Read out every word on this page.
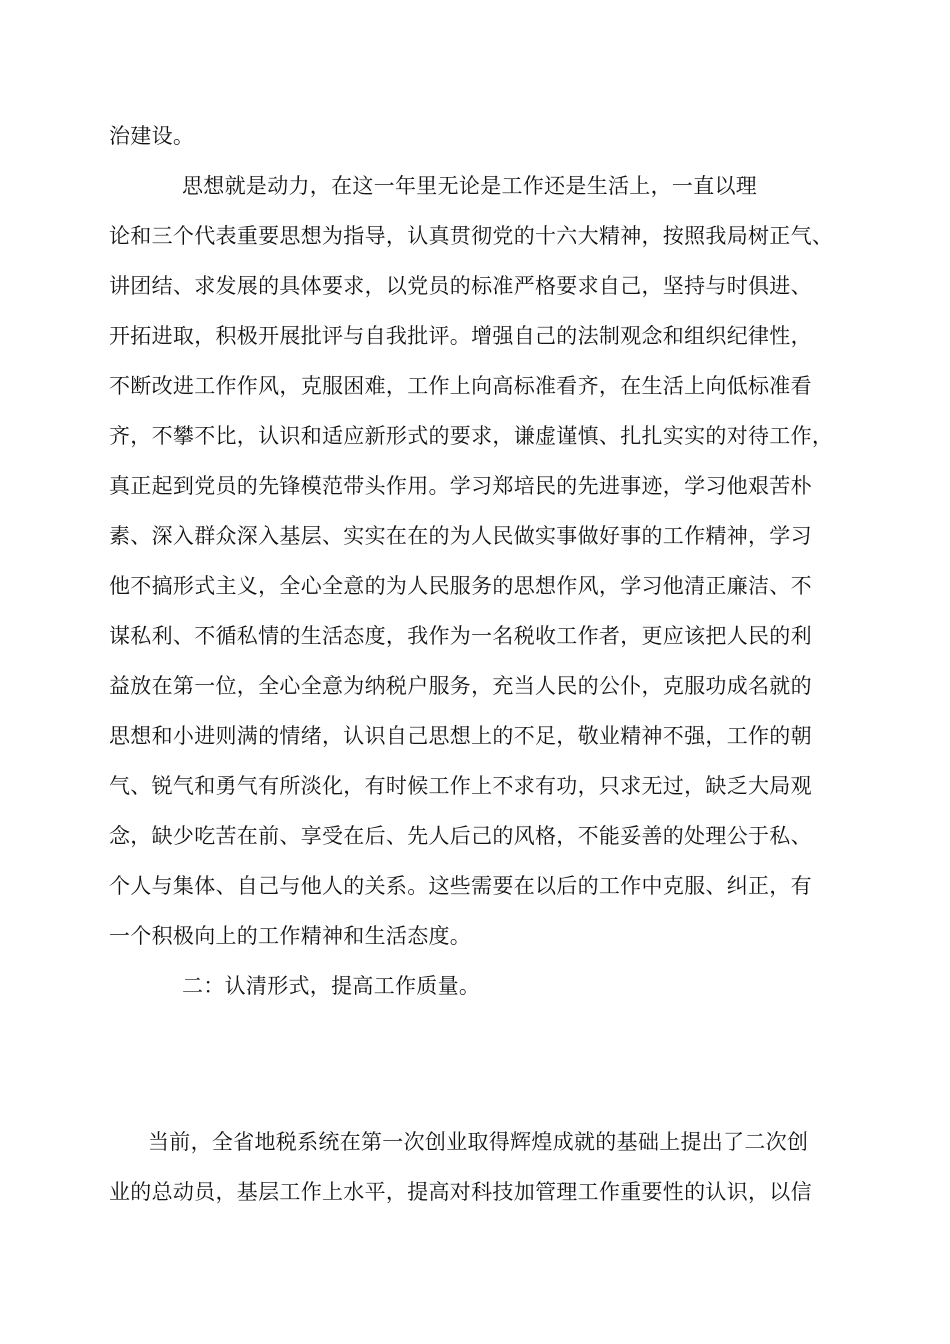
治建设。
思想就是动力，在这一年里无论是工作还是生活上，一直以理
论和三个代表重要思想为指导，认真贯彻党的十六大精神，按照我局树正气、
讲团结、求发展的具体要求，以党员的标准严格要求自己，坚持与时俱进、
开拓进取，积极开展批评与自我批评。增强自己的法制观念和组织纪律性，
不断改进工作作风，克服困难，工作上向高标准看齐，在生活上向低标准看
齐，不攀不比，认识和适应新形式的要求，谦虚谨慎、扎扎实实的对待工作，
真正起到党员的先锋模范带头作用。学习郑培民的先进事迹，学习他艰苦朴
素、深入群众深入基层、实实在在的为人民做实事做好事的工作精神，学习
他不搞形式主义，全心全意的为人民服务的思想作风，学习他清正廉洁、不
谋私利、不循私情的生活态度，我作为一名税收工作者，更应该把人民的利
益放在第一位，全心全意为纳税户服务，充当人民的公仆，克服功成名就的
思想和小进则满的情绪，认识自己思想上的不足，敬业精神不强，工作的朝
气、锐气和勇气有所淡化，有时候工作上不求有功，只求无过，缺乏大局观
念，缺少吃苦在前、享受在后、先人后己的风格，不能妥善的处理公于私、
个人与集体、自己与他人的关系。这些需要在以后的工作中克服、纠正，有
一个积极向上的工作精神和生活态度。
二：认清形式，提高工作质量。
当前，全省地税系统在第一次创业取得辉煌成就的基础上提出了二次创
业的总动员，基层工作上水平，提高对科技加管理工作重要性的认识，以信
